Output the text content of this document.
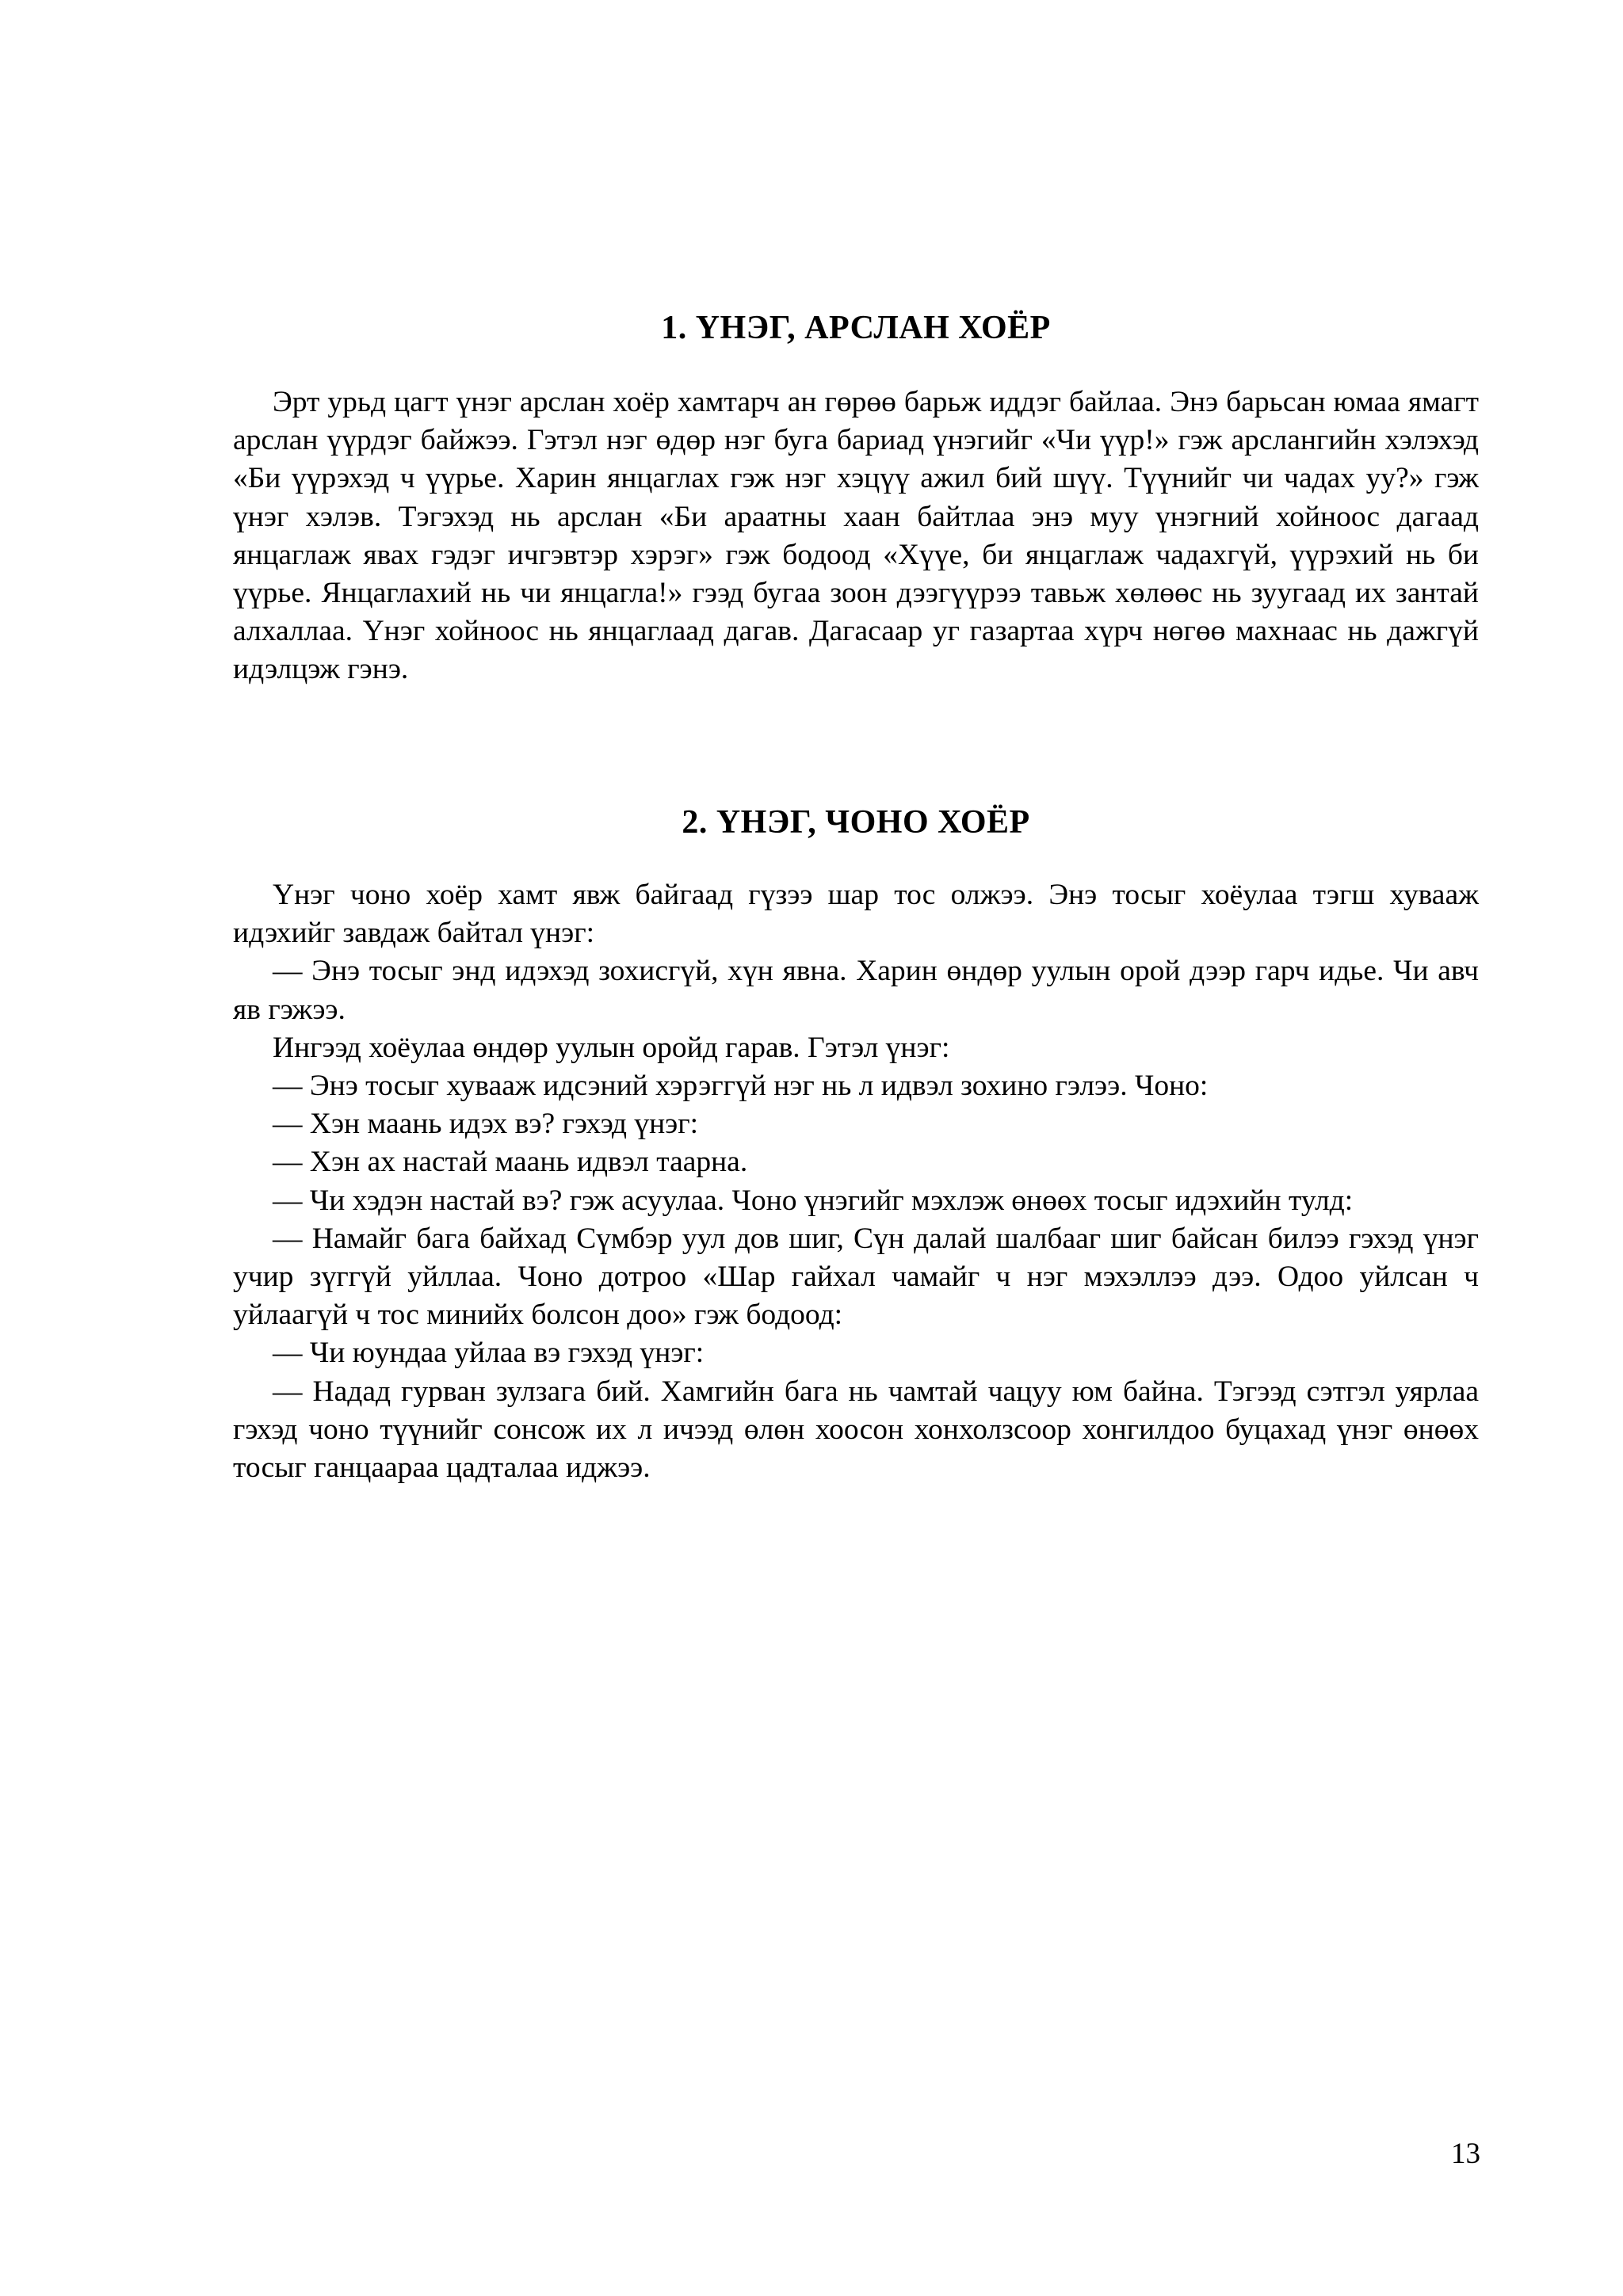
1. ҮНЭГ, АРСЛАН ХОЁР

Эрт урьд цагт үнэг арслан хоёр хамтарч ан гөрөө барьж иддэг байлаа. Энэ барьсан юмаа ямагт арслан үүрдэг байжээ. Гэтэл нэг өдөр нэг буга бариад үнэгийг «Чи үүр!» гэж арслангийн хэлэхэд «Би үүрэхэд ч үүрье. Харин янцаглах гэж нэг хэцүү ажил бий шүү. Түүнийг чи чадах уу?» гэж үнэг хэлэв. Тэгэхэд нь арслан «Би араатны хаан байтлаа энэ муу үнэгний хойноос дагаад янцаглаж явах гэдэг ичгэвтэр хэрэг» гэж бодоод «Хүүе, би янцаглаж чадахгүй, үүрэхий нь би үүрье. Янцаглахий нь чи янцагла!» гээд бугаа зоон дээгүүрээ тавьж хөлөөс нь зуугаад их зантай алхаллаа. Үнэг хойноос нь янцаглаад дагав. Дагасаар уг газартаа хүрч нөгөө махнаас нь дажгүй идэлцэж гэнэ.

2. ҮНЭГ, ЧОНО ХОЁР

Үнэг чоно хоёр хамт явж байгаад гүзээ шар тос олжээ. Энэ тосыг хоёулаа тэгш хувааж идэхийг завдаж байтал үнэг:

— Энэ тосыг энд идэхэд зохисгүй, хүн явна. Харин өндөр уулын орой дээр гарч идье. Чи авч яв гэжээ.

Ингээд хоёулаа өндөр уулын оройд гарав. Гэтэл үнэг:

— Энэ тосыг хувааж идсэний хэрэггүй нэг нь л идвэл зохино гэлээ. Чоно:

— Хэн маань идэх вэ? гэхэд үнэг:

— Хэн ах настай маань идвэл таарна.

— Чи хэдэн настай вэ? гэж асуулаа. Чоно үнэгийг мэхлэж өнөөх тосыг идэхийн тулд:

— Намайг бага байхад Сүмбэр уул дов шиг, Сүн далай шалбааг шиг байсан билээ гэхэд үнэг учир зүггүй уйллаа. Чоно дотроо «Шар гайхал чамайг ч нэг мэхэллээ дээ. Одоо уйлсан ч уйлаагүй ч тос минийх болсон доо» гэж бодоод:

— Чи юундаа уйлаа вэ гэхэд үнэг:

— Надад гурван зулзага бий. Хамгийн бага нь чамтай чацуу юм байна. Тэгээд сэтгэл уярлаа гэхэд чоно түүнийг сонсож их л ичээд өлөн хоосон хонхолзсоор хонгилдоо буцахад үнэг өнөөх тосыг ганцаараа цадталаа иджээ.

13
